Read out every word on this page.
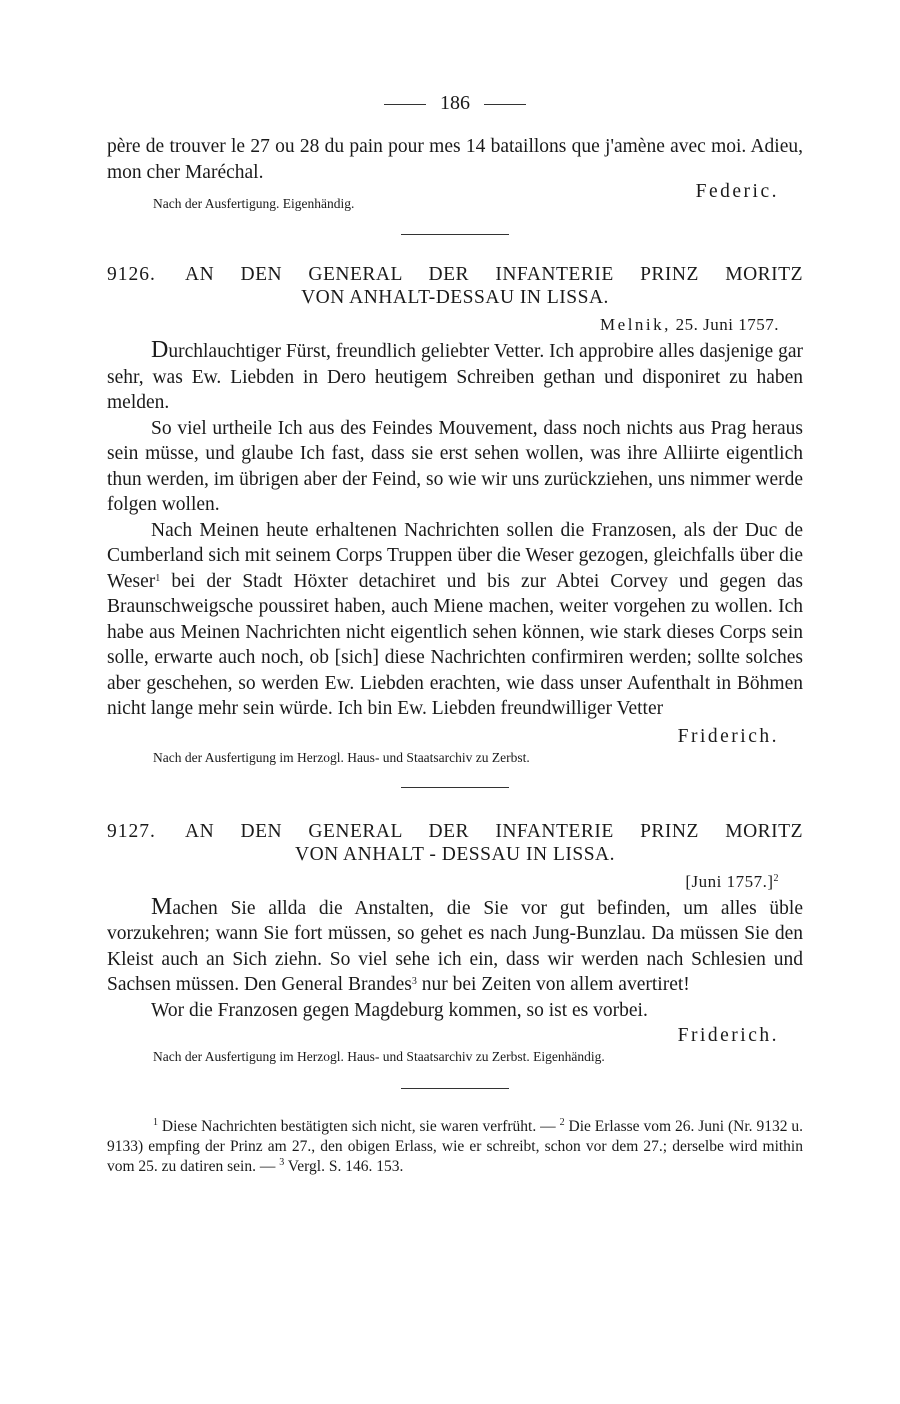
186

père de trouver le 27 ou 28 du pain pour mes 14 bataillons que j'amène avec moi. Adieu, mon cher Maréchal.

Nach der Ausfertigung. Eigenhändig.
Federic.
9126.	AN DEN GENERAL DER INFANTERIE PRINZ MORITZ
VON ANHALT-DESSAU IN LISSA.
Melnik, 25. Juni 1757.

Durchlauchtiger Fürst, freundlich geliebter Vetter. Ich approbire alles dasjenige gar sehr, was Ew. Liebden in Dero heutigem Schreiben gethan und disponiret zu haben melden.

So viel urtheile Ich aus des Feindes Mouvement, dass noch nichts aus Prag heraus sein müsse, und glaube Ich fast, dass sie erst sehen wollen, was ihre Alliirte eigentlich thun werden, im übrigen aber der Feind, so wie wir uns zurückziehen, uns nimmer werde folgen wollen.

Nach Meinen heute erhaltenen Nachrichten sollen die Franzosen, als der Duc de Cumberland sich mit seinem Corps Truppen über die Weser gezogen, gleichfalls über die Weser$^1$ bei der Stadt Höxter detachiret und bis zur Abtei Corvey und gegen das Braunschweigsche poussiret haben, auch Miene machen, weiter vorgehen zu wollen. Ich habe aus Meinen Nachrichten nicht eigentlich sehen können, wie stark dieses Corps sein solle, erwarte auch noch, ob [sich] diese Nachrichten confirmiren werden; sollte solches aber geschehen, so werden Ew. Liebden erachten, wie dass unser Aufenthalt in Böhmen nicht lange mehr sein würde. Ich bin Ew. Liebden freundwilliger Vetter

Friderich.
Nach der Ausfertigung im Herzogl. Haus- und Staatsarchiv zu Zerbst.
9127.	AN DEN GENERAL DER INFANTERIE PRINZ MORITZ
VON ANHALT - DESSAU IN LISSA.
[Juni 1757.]$^2$

Machen Sie allda die Anstalten, die Sie vor gut befinden, um alles üble vorzukehren; wann Sie fort müssen, so gehet es nach Jung-Bunzlau. Da müssen Sie den Kleist auch an Sich ziehn. So viel sehe ich ein, dass wir werden nach Schlesien und Sachsen müssen. Den General Brandes$^3$ nur bei Zeiten von allem avertiret!

Wor die Franzosen gegen Magdeburg kommen, so ist es vorbei.

Friderich.
Nach der Ausfertigung im Herzogl. Haus- und Staatsarchiv zu Zerbst. Eigenhändig.
$^1$ Diese Nachrichten bestätigten sich nicht, sie waren verfrüht. — $^2$ Die Erlasse vom 26. Juni (Nr. 9132 u. 9133) empfing der Prinz am 27., den obigen Erlass, wie er schreibt, schon vor dem 27.; derselbe wird mithin vom 25. zu datiren sein. — $^3$ Vergl. S. 146. 153.
